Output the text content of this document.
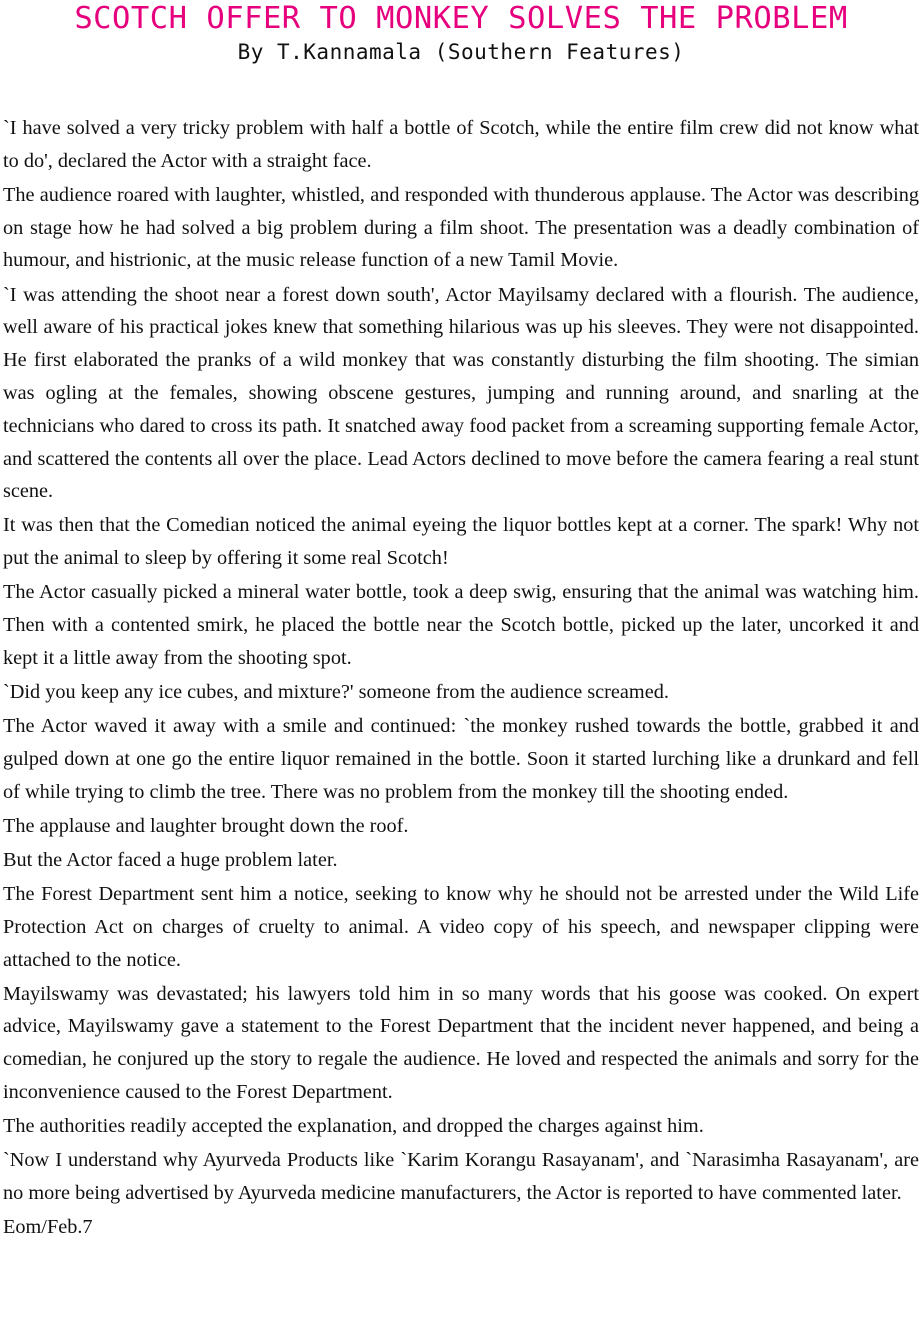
SCOTCH OFFER TO MONKEY SOLVES THE PROBLEM
By T.Kannamala (Southern Features)

`I have solved a very tricky problem with half a bottle of Scotch, while the entire film crew did not know what to do', declared the Actor with a straight face.

The audience roared with laughter, whistled, and responded with thunderous applause. The Actor was describing on stage how he had solved a big problem during a film shoot. The presentation was a deadly combination of humour, and histrionic, at the music release function of a new Tamil Movie.

`I was attending the shoot near a forest down south', Actor Mayilsamy declared with a flourish. The audience, well aware of his practical jokes knew that something hilarious was up his sleeves. They were not disappointed. He first elaborated the pranks of a wild monkey that was constantly disturbing the film shooting. The simian was ogling at the females, showing obscene gestures, jumping and running around, and snarling at the technicians who dared to cross its path. It snatched away food packet from a screaming supporting female Actor, and scattered the contents all over the place. Lead Actors declined to move before the camera fearing a real stunt scene.

It was then that the Comedian noticed the animal eyeing the liquor bottles kept at a corner. The spark! Why not put the animal to sleep by offering it some real Scotch!

The Actor casually picked a mineral water bottle, took a deep swig, ensuring that the animal was watching him. Then with a contented smirk, he placed the bottle near the Scotch bottle, picked up the later, uncorked it and kept it a little away from the shooting spot.

`Did you keep any ice cubes, and mixture?' someone from the audience screamed.

The Actor waved it away with a smile and continued: `the monkey rushed towards the bottle, grabbed it and gulped down at one go the entire liquor remained in the bottle. Soon it started lurching like a drunkard and fell of while trying to climb the tree. There was no problem from the monkey till the shooting ended.

The applause and laughter brought down the roof.

But the Actor faced a huge problem later.

The Forest Department sent him a notice, seeking to know why he should not be arrested under the Wild Life Protection Act on charges of cruelty to animal. A video copy of his speech, and newspaper clipping were attached to the notice.

Mayilswamy was devastated; his lawyers told him in so many words that his goose was cooked. On expert advice, Mayilswamy gave a statement to the Forest Department that the incident never happened, and being a comedian, he conjured up the story to regale the audience. He loved and respected the animals and sorry for the inconvenience caused to the Forest Department.

The authorities readily accepted the explanation, and dropped the charges against him.

`Now I understand why Ayurveda Products like `Karim Korangu Rasayanam', and `Narasimha Rasayanam', are no more being advertised by Ayurveda medicine manufacturers, the Actor is reported to have commented later.

Eom/Feb.7
